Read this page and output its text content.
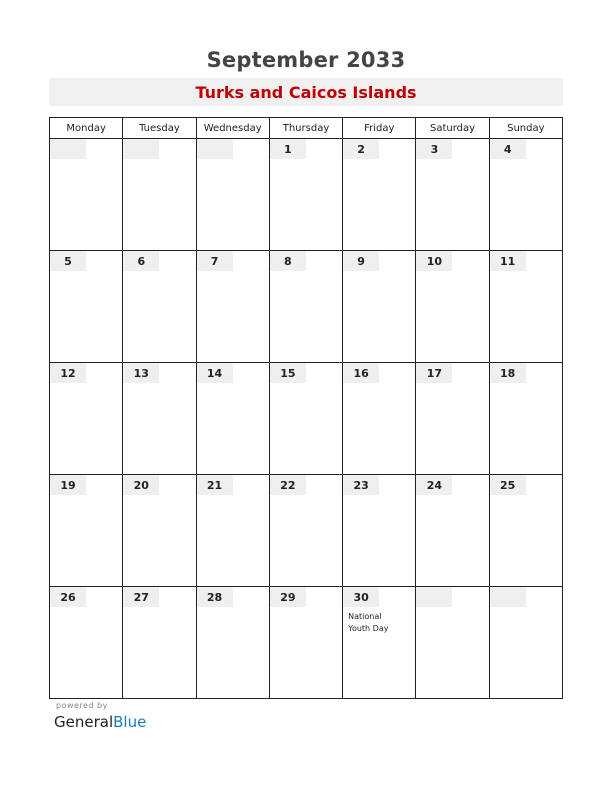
September 2033
Turks and Caicos Islands
Monday	Tuesday	Wednesday	Thursday	Friday	Saturday	Sunday

			1	2	3	4

5	6	7	8	9	10	11

12	13	14	15	16	17	18

19	20	21	22	23	24	25

26	27	28	29	30
National
Youth Day		

powered by
GeneralBlue
